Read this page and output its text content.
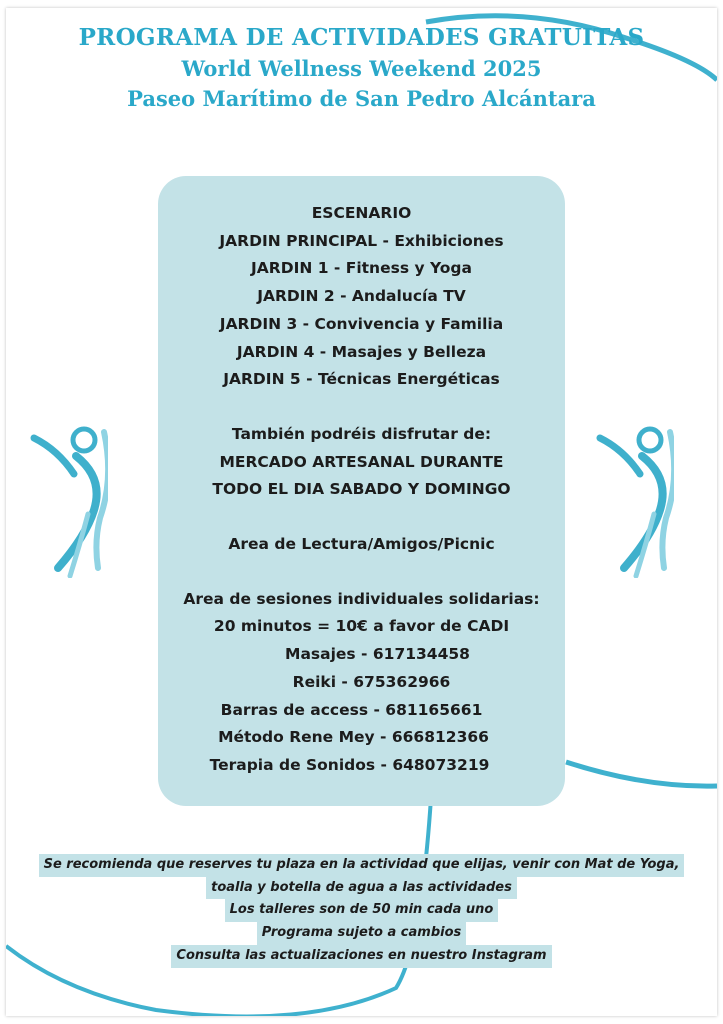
PROGRAMA DE ACTIVIDADES GRATUITAS
World Wellness Weekend 2025
Paseo Marítimo de San Pedro Alcántara
ESCENARIO
JARDIN PRINCIPAL - Exhibiciones
JARDIN 1 - Fitness y Yoga
JARDIN 2 - Andalucía TV
JARDIN 3 - Convivencia y Familia
JARDIN 4 - Masajes y Belleza
JARDIN 5 - Técnicas Energéticas
También podréis disfrutar de:
MERCADO ARTESANAL DURANTE
TODO EL DIA SABADO Y DOMINGO
Area de Lectura/Amigos/Picnic
Area de sesiones individuales solidarias:
20 minutos = 10€ a favor de CADI
Masajes - 617134458
Reiki - 675362966
Barras de access - 681165661
Método Rene Mey - 666812366
Terapia de Sonidos - 648073219
Se recomienda que reserves tu plaza en la actividad que elijas, venir con Mat de Yoga,
toalla y botella de agua a las actividades
Los talleres son de 50 min cada uno
Programa sujeto a cambios
Consulta las actualizaciones en nuestro Instagram
